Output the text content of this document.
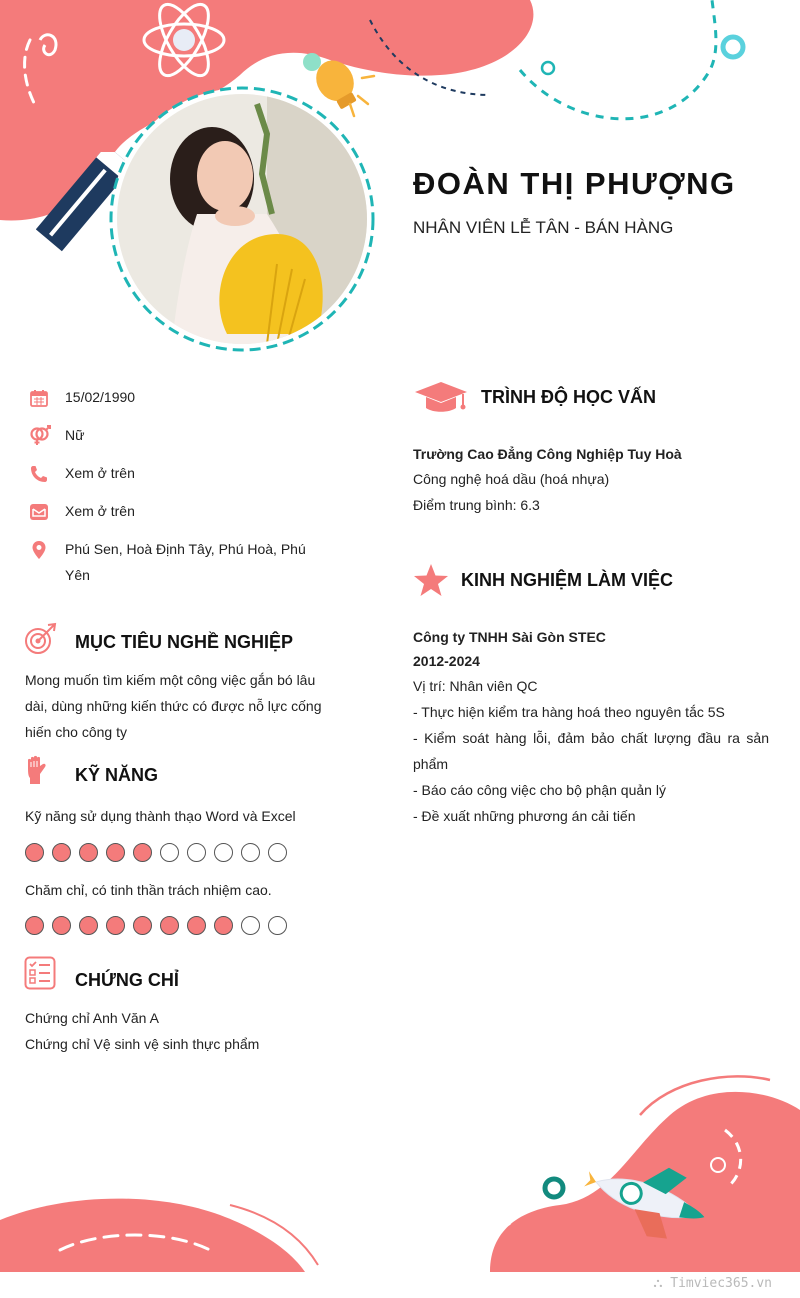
ĐOÀN THỊ PHƯỢNG
NHÂN VIÊN LỄ TÂN - BÁN HÀNG
15/02/1990
Nữ
Xem ở trên
Xem ở trên
Phú Sen, Hoà Định Tây, Phú Hoà, Phú Yên
MỤC TIÊU NGHỀ NGHIỆP
Mong muốn tìm kiếm một công việc gắn bó lâu dài, dùng những kiến thức có được nỗ lực cống hiến cho công ty
KỸ NĂNG
Kỹ năng sử dụng thành thạo Word và Excel
Chăm chỉ, có tinh thần trách nhiệm cao.
CHỨNG CHỈ
Chứng chỉ Anh Văn A
Chứng chỉ Vệ sinh vệ sinh thực phẩm
TRÌNH ĐỘ HỌC VẤN
Trường Cao Đẳng Công Nghiệp Tuy Hoà
Công nghệ hoá dầu (hoá nhựa)
Điểm trung bình: 6.3
KINH NGHIỆM LÀM VIỆC
Công ty TNHH Sài Gòn STEC
2012-2024
Vị trí: Nhân viên QC
- Thực hiện kiểm tra hàng hoá theo nguyên tắc 5S
- Kiểm soát hàng lỗi, đảm bảo chất lượng đầu ra sản phẩm
- Báo cáo công việc cho bộ phận quản lý
- Đề xuất những phương án cải tiến
⛬ Timviec365.vn
